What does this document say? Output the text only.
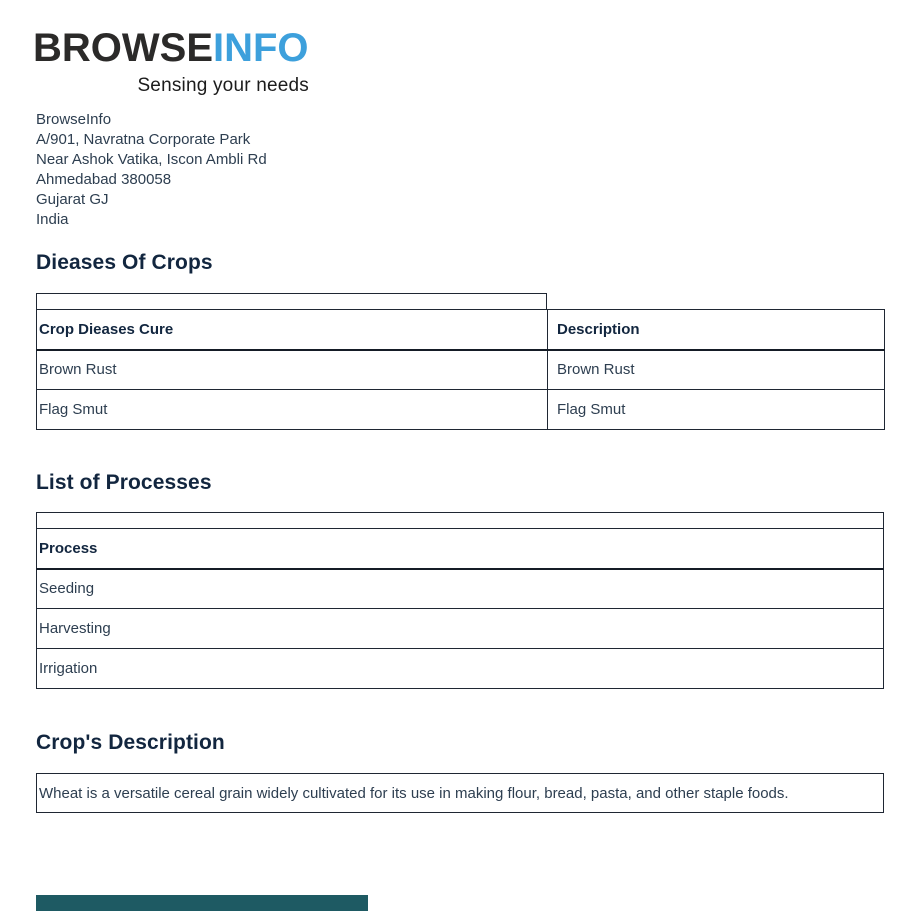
BROWSEINFO
Sensing your needs
BrowseInfo
A/901, Navratna Corporate Park
Near Ashok Vatika, Iscon Ambli Rd
Ahmedabad 380058
Gujarat GJ
India
Dieases Of Crops
Crop Dieases Cure	Description
Brown Rust	Brown Rust
Flag Smut	Flag Smut
List of Processes
Process
Seeding
Harvesting
Irrigation
Crop's Description
Wheat is a versatile cereal grain widely cultivated for its use in making flour, bread, pasta, and other staple foods.
